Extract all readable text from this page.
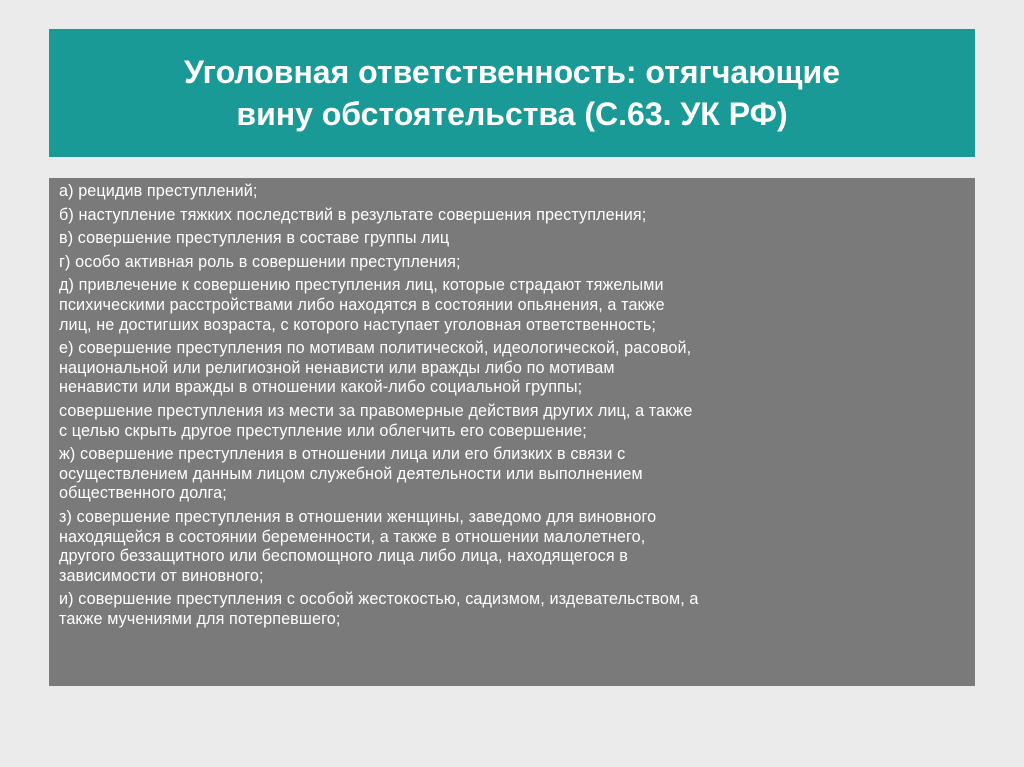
Уголовная ответственность: отягчающие
вину обстоятельства (С.63. УК РФ)
а) рецидив преступлений;
б) наступление тяжких последствий в результате совершения преступления;
в) совершение преступления в составе группы лиц
г) особо активная роль в совершении преступления;
д) привлечение к совершению преступления лиц, которые страдают тяжелыми
психическими расстройствами либо находятся в состоянии опьянения, а также
лиц, не достигших возраста, с которого наступает уголовная ответственность;
е) совершение преступления по мотивам политической, идеологической, расовой,
национальной или религиозной ненависти или вражды либо по мотивам
ненависти или вражды в отношении какой-либо социальной группы;
совершение преступления из мести за правомерные действия других лиц, а также
с целью скрыть другое преступление или облегчить его совершение;
ж) совершение преступления в отношении лица или его близких в связи с
осуществлением данным лицом служебной деятельности или выполнением
общественного долга;
з) совершение преступления в отношении женщины, заведомо для виновного
находящейся в состоянии беременности, а также в отношении малолетнего,
другого беззащитного или беспомощного лица либо лица, находящегося в
зависимости от виновного;
и) совершение преступления с особой жестокостью, садизмом, издевательством, а
также мучениями для потерпевшего;
